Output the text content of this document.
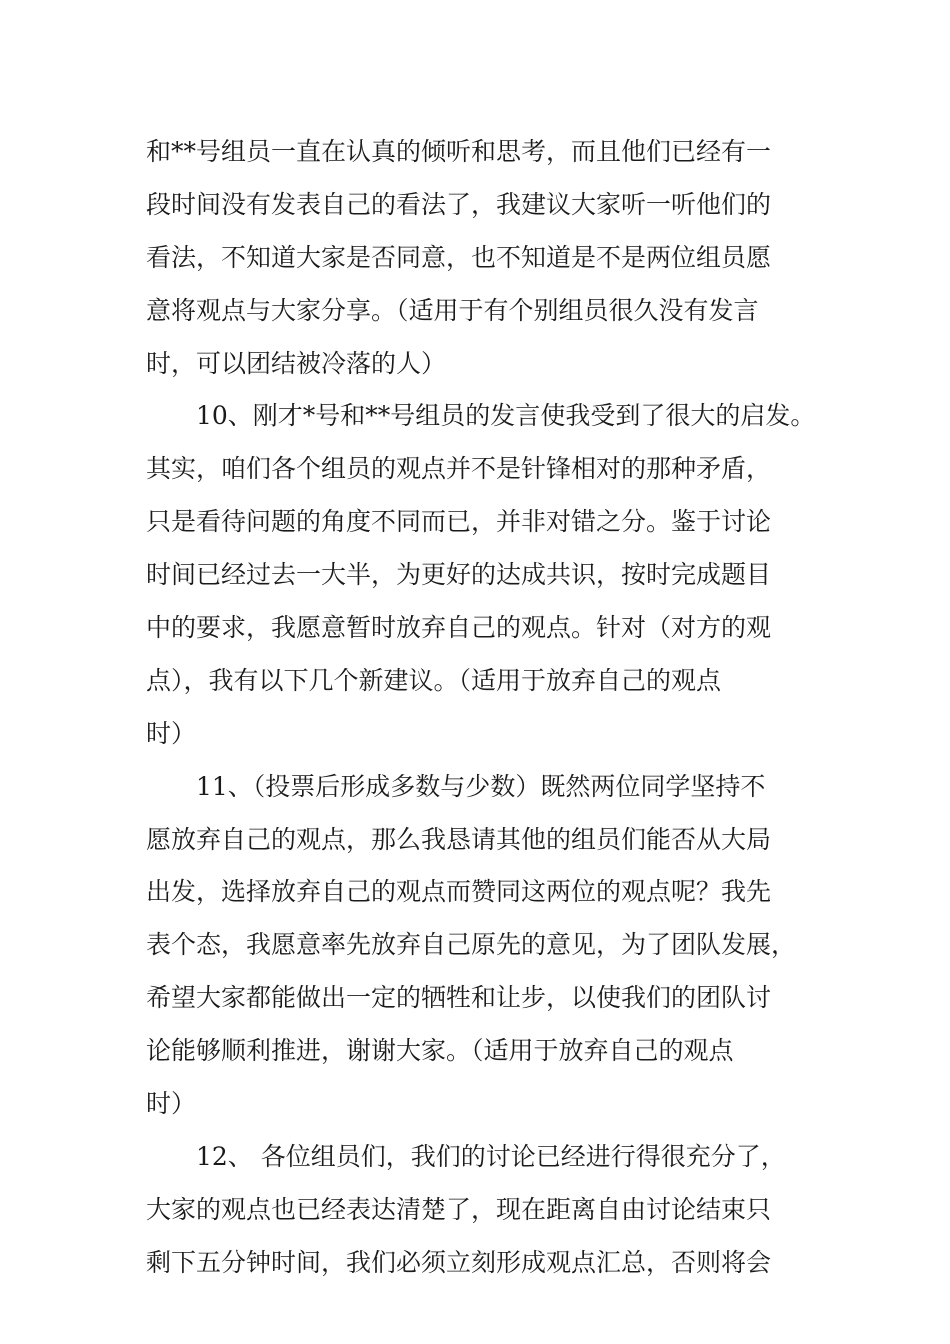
和**号组员一直在认真的倾听和思考，而且他们已经有一
段时间没有发表自己的看法了，我建议大家听一听他们的
看法，不知道大家是否同意，也不知道是不是两位组员愿
意将观点与大家分享。（适用于有个别组员很久没有发言
时，可以团结被冷落的人）
10、刚才*号和**号组员的发言使我受到了很大的启发。
其实，咱们各个组员的观点并不是针锋相对的那种矛盾，
只是看待问题的角度不同而已，并非对错之分。鉴于讨论
时间已经过去一大半，为更好的达成共识，按时完成题目
中的要求，我愿意暂时放弃自己的观点。针对（对方的观
点），我有以下几个新建议。（适用于放弃自己的观点
时）
11、（投票后形成多数与少数）既然两位同学坚持不
愿放弃自己的观点，那么我恳请其他的组员们能否从大局
出发，选择放弃自己的观点而赞同这两位的观点呢？我先
表个态，我愿意率先放弃自己原先的意见，为了团队发展，
希望大家都能做出一定的牺牲和让步，以使我们的团队讨
论能够顺利推进，谢谢大家。（适用于放弃自己的观点
时）
12、 各位组员们，我们的讨论已经进行得很充分了，
大家的观点也已经表达清楚了，现在距离自由讨论结束只
剩下五分钟时间，我们必须立刻形成观点汇总，否则将会
